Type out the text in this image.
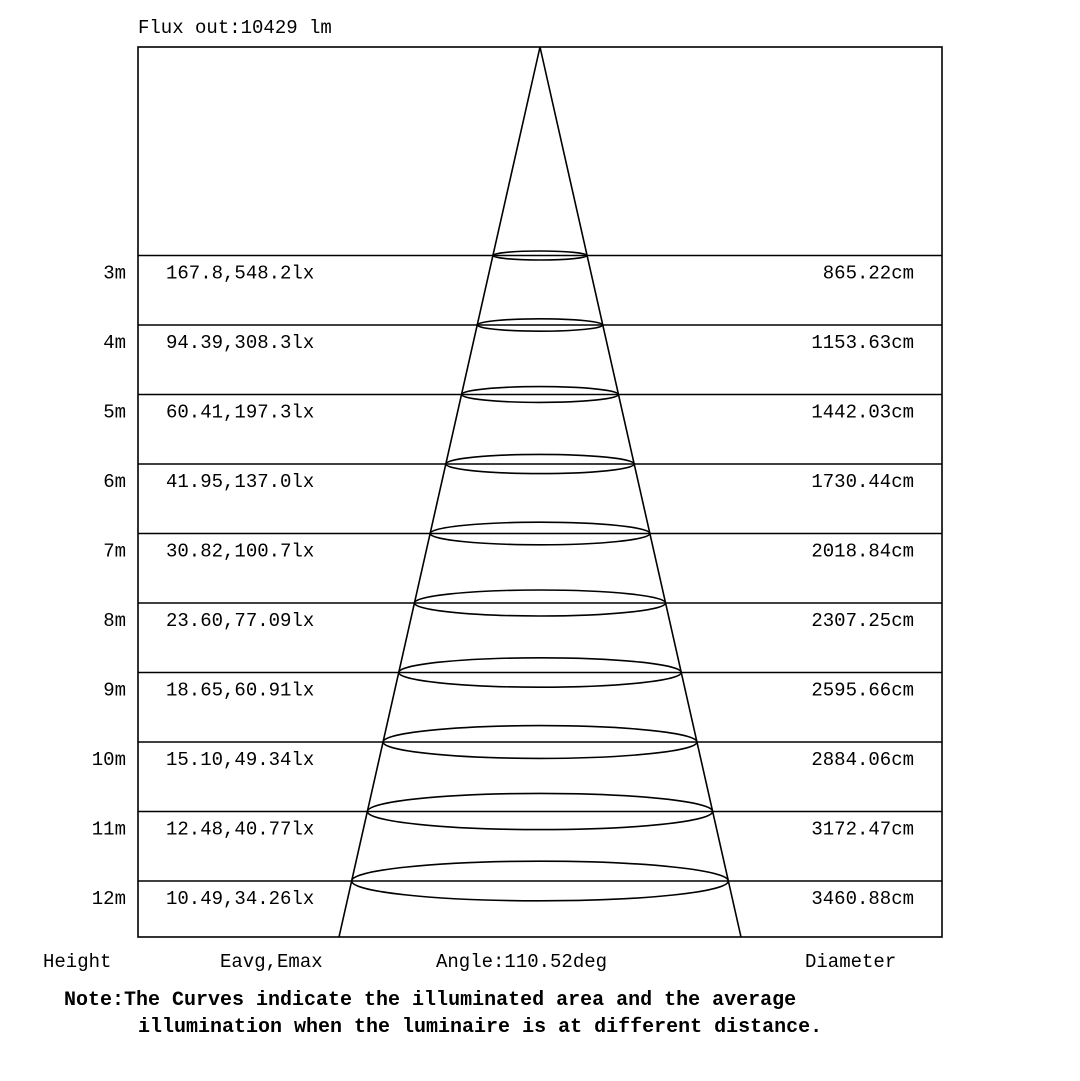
Flux out:10429 lm
3m 167.8,548.2lx	865.22cm
4m 94.39,308.3lx	1153.63cm
5m 60.41,197.3lx	1442.03cm
6m 41.95,137.0lx	1730.44cm
7m 30.82,100.7lx	2018.84cm
8m 23.60,77.09lx	2307.25cm
9m 18.65,60.91lx	2595.66cm
10m 15.10,49.34lx	2884.06cm
11m 12.48,40.77lx	3172.47cm
12m 10.49,34.26lx	3460.88cm
Height	Eavg,Emax	Angle:110.52deg	Diameter
Note:The Curves indicate the illuminated area and the average
illumination when the luminaire is at different distance.
